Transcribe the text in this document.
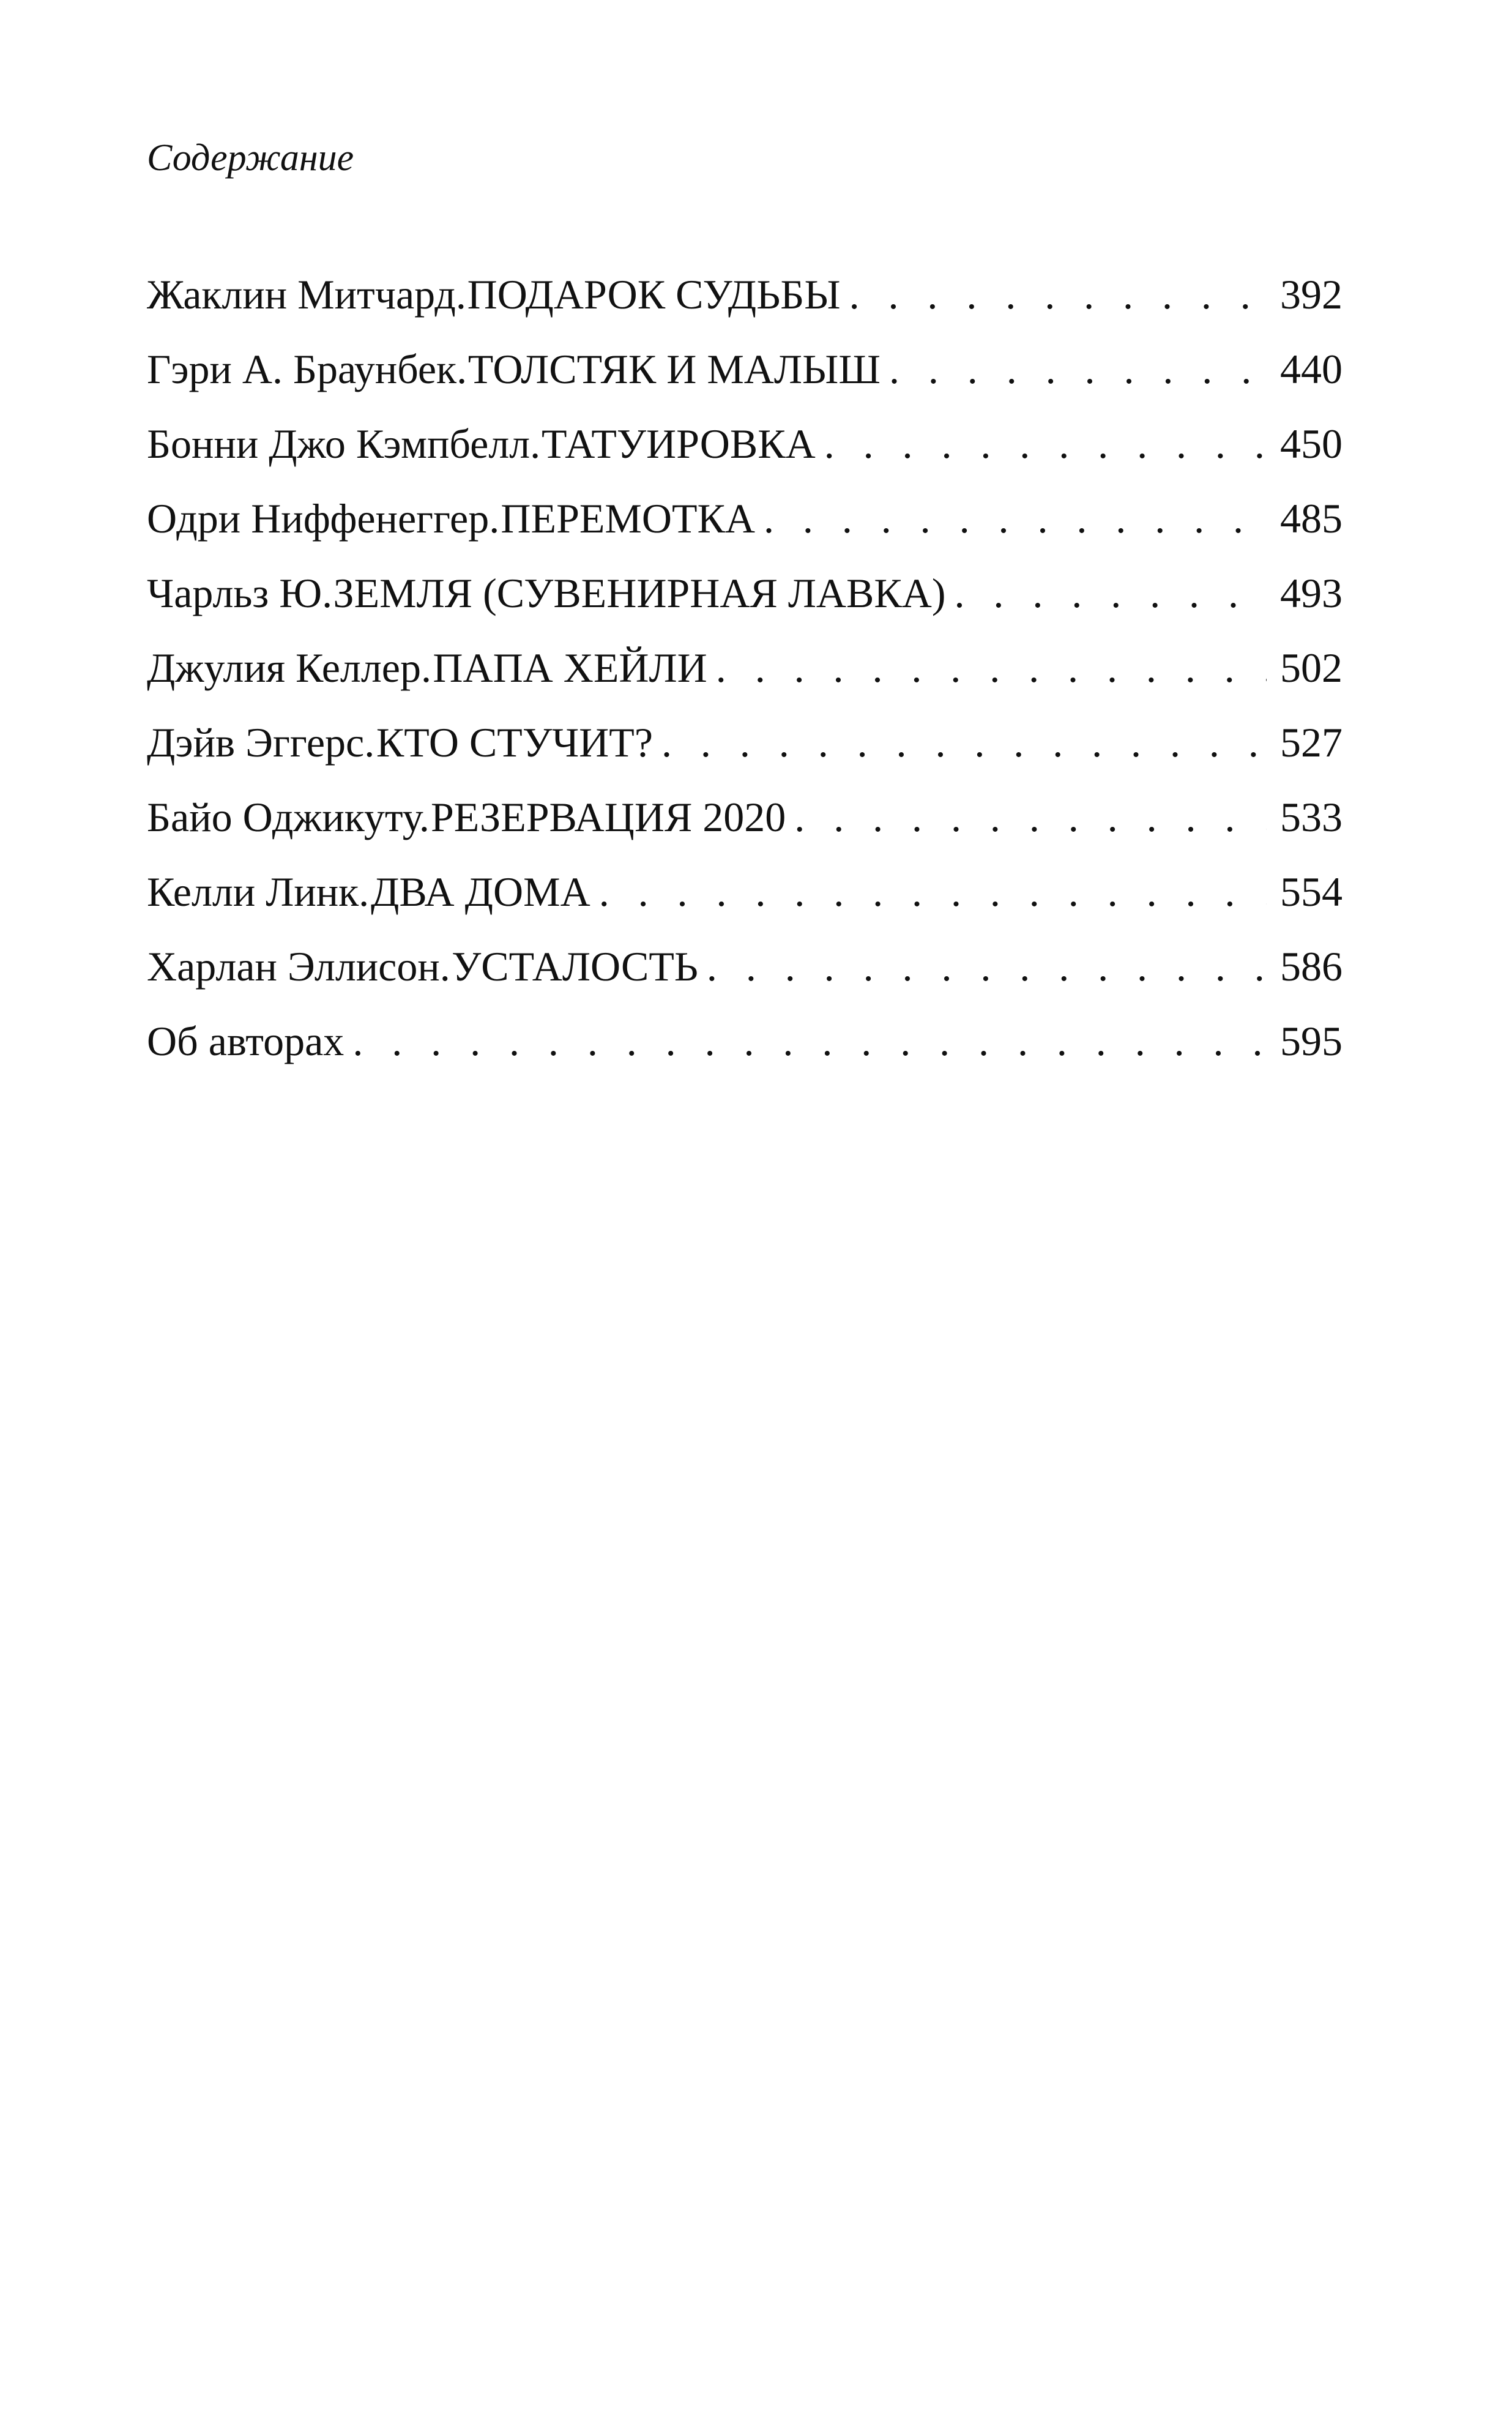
Содержание
Жаклин Митчард. ПОДАРОК СУДЬБЫ . . .	392
Гэри А. Браунбек. ТОЛСТЯК И МАЛЫШ . . .	440
Бонни Джо Кэмпбелл. ТАТУИРОВКА . . .	450
Одри Ниффенеггер. ПЕРЕМОТКА . . .	485
Чарльз Ю. ЗЕМЛЯ (СУВЕНИРНАЯ ЛАВКА) . . .	493
Джулия Келлер. ПАПА ХЕЙЛИ . . .	502
Дэйв Эггерс. КТО СТУЧИТ? . . .	527
Байо Оджикуту. РЕЗЕРВАЦИЯ 2020 . . .	533
Келли Линк. ДВА ДОМА . . .	554
Харлан Эллисон. УСТАЛОСТЬ . . .	586
Об авторах . . .	595
